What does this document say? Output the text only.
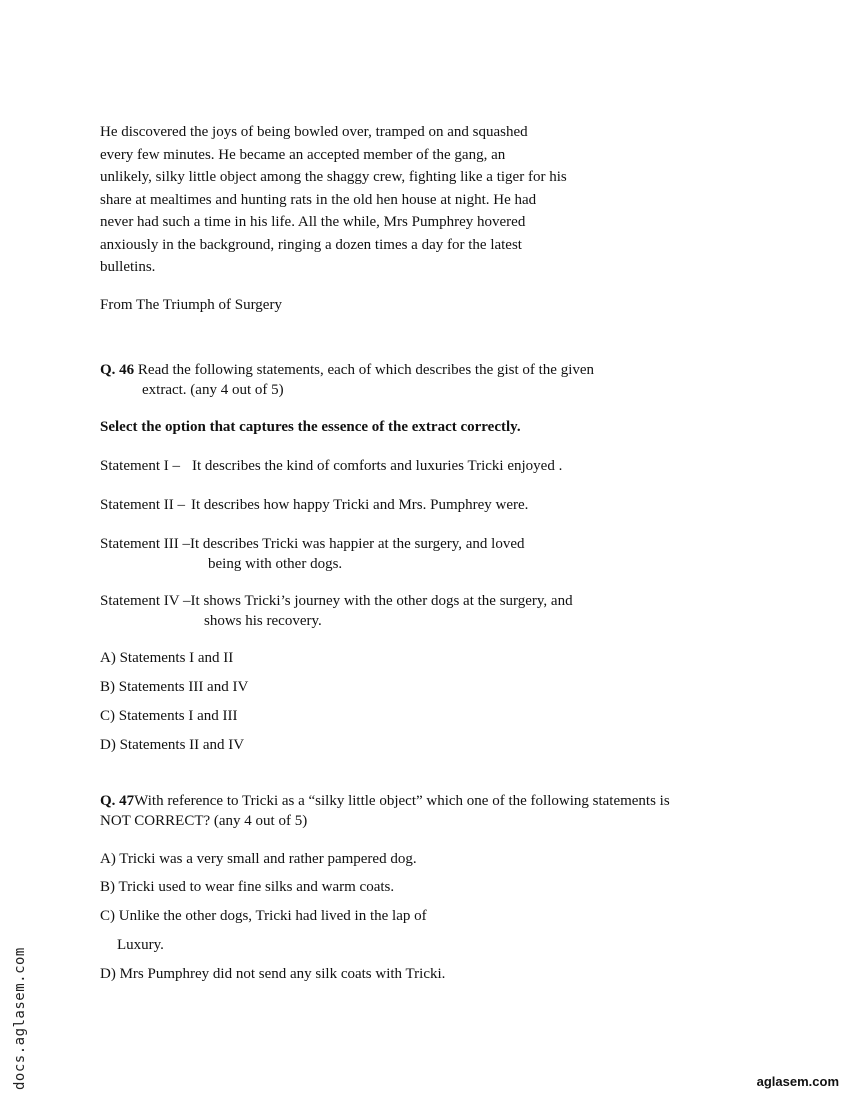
He discovered the joys of being bowled over, tramped on and squashed
every few minutes. He became an accepted member of the gang, an
unlikely, silky little object among the shaggy crew, fighting like a tiger for his
share at mealtimes and hunting rats in the old hen house at night. He had
never had such a time in his life. All the while, Mrs Pumphrey hovered
anxiously in the background, ringing a dozen times a day for the latest
bulletins.
From The Triumph of Surgery
Q. 46 Read the following statements, each of which describes the gist of the given
extract. (any 4 out of 5)
Select the option that captures the essence of the extract correctly.
Statement I – It describes the kind of comforts and luxuries Tricki enjoyed .
Statement II – It describes how happy Tricki and Mrs. Pumphrey were.
Statement III –It describes Tricki was happier at the surgery, and loved
being with other dogs.
Statement IV –It shows Tricki’s journey with the other dogs at the surgery, and
shows his recovery.
A) Statements I and II
B) Statements III and IV
C) Statements I and III
D) Statements II and IV
Q. 47With reference to Tricki as a “silky little object” which one of the following statements is
NOT CORRECT? (any 4 out of 5)
A) Tricki was a very small and rather pampered dog.
B) Tricki used to wear fine silks and warm coats.
C) Unlike the other dogs, Tricki had lived in the lap of
Luxury.
D) Mrs Pumphrey did not send any silk coats with Tricki.
docs.aglasem.com	aglasem.com
